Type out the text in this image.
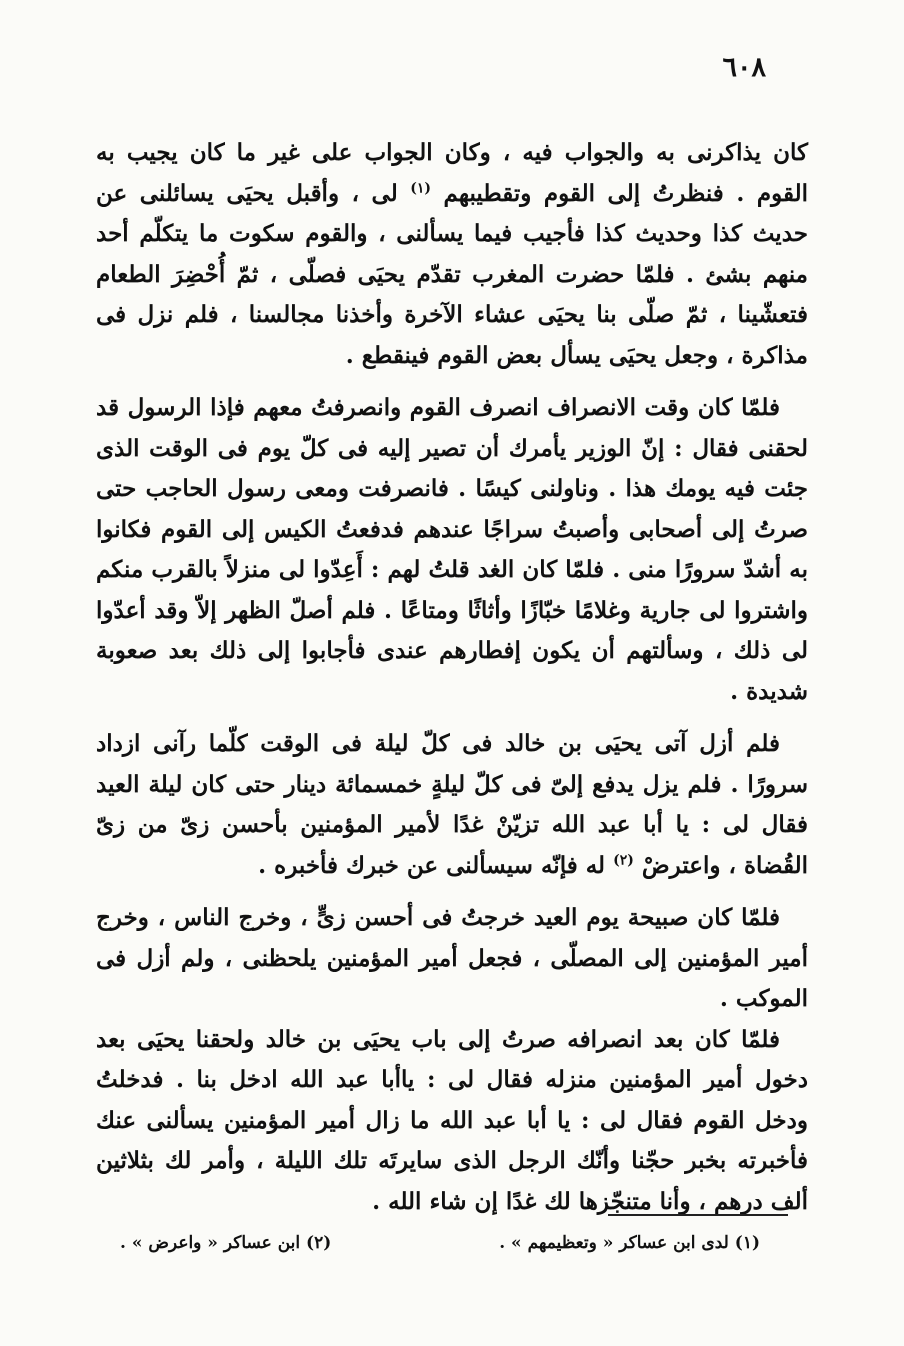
٦٠٨

كان يذاكرنى به والجواب فيه ، وكان الجواب على غير ما كان يجيب به القوم . فنظرتُ إلى القوم وتقطيبهم $^{(١)}$ لى ، وأقبل يحيَى يسائلنى عن حديث كذا وحديث كذا فأجيب فيما يسألنى ، والقوم سكوت ما يتكلّم أحد منهم بشئ . فلمّا حضرت المغرب تقدّم يحيَى فصلّى ، ثمّ أُحْضِرَ الطعام فتعشّينا ، ثمّ صلّى بنا يحيَى عشاء الآخرة وأخذنا مجالسنا ، فلم نزل فى مذاكرة ، وجعل يحيَى يسأل بعض القوم فينقطع .

فلمّا كان وقت الانصراف انصرف القوم وانصرفتُ معهم فإذا الرسول قد لحقنى فقال : إنّ الوزير يأمرك أن تصير إليه فى كلّ يوم فى الوقت الذى جئت فيه يومك هذا . وناولنى كيسًا . فانصرفت ومعى رسول الحاجب حتى صرتُ إلى أصحابى وأصبتُ سراجًا عندهم فدفعتُ الكيس إلى القوم فكانوا به أشدّ سرورًا منى . فلمّا كان الغد قلتُ لهم : أَعِدّوا لى منزلاً بالقرب منكم واشتروا لى جارية وغلامًا خبّازًا وأثاثًا ومتاعًا . فلم أصلّ الظهر إلاّ وقد أعدّوا لى ذلك ، وسألتهم أن يكون إفطارهم عندى فأجابوا إلى ذلك بعد صعوبة شديدة .

فلم أزل آتى يحيَى بن خالد فى كلّ ليلة فى الوقت كلّما رآنى ازداد سرورًا . فلم يزل يدفع إلىّ فى كلّ ليلةٍ خمسمائة دينار حتى كان ليلة العيد فقال لى : يا أبا عبد الله تزيّنْ غدًا لأمير المؤمنين بأحسن زىّ من زىّ القُضاة ، واعترضْ $^{(٢)}$ له فإنّه سيسألنى عن خبرك فأخبره .

فلمّا كان صبيحة يوم العيد خرجتُ فى أحسن زىٍّ ، وخرج الناس ، وخرج أمير المؤمنين إلى المصلّى ، فجعل أمير المؤمنين يلحظنى ، ولم أزل فى الموكب .

فلمّا كان بعد انصرافه صرتُ إلى باب يحيَى بن خالد ولحقنا يحيَى بعد دخول أمير المؤمنين منزله فقال لى : ياأبا عبد الله ادخل بنا . فدخلتُ ودخل القوم فقال لى : يا أبا عبد الله ما زال أمير المؤمنين يسألنى عنك فأخبرته بخبر حجّنا وأنّك الرجل الذى سايرتَه تلك الليلة ، وأمر لك بثلاثين ألف درهم ، وأنا متنجّزها لك غدًا إن شاء الله .

(١) لدى ابن عساكر « وتعظيمهم » .
(٢) ابن عساكر « واعرض » .
